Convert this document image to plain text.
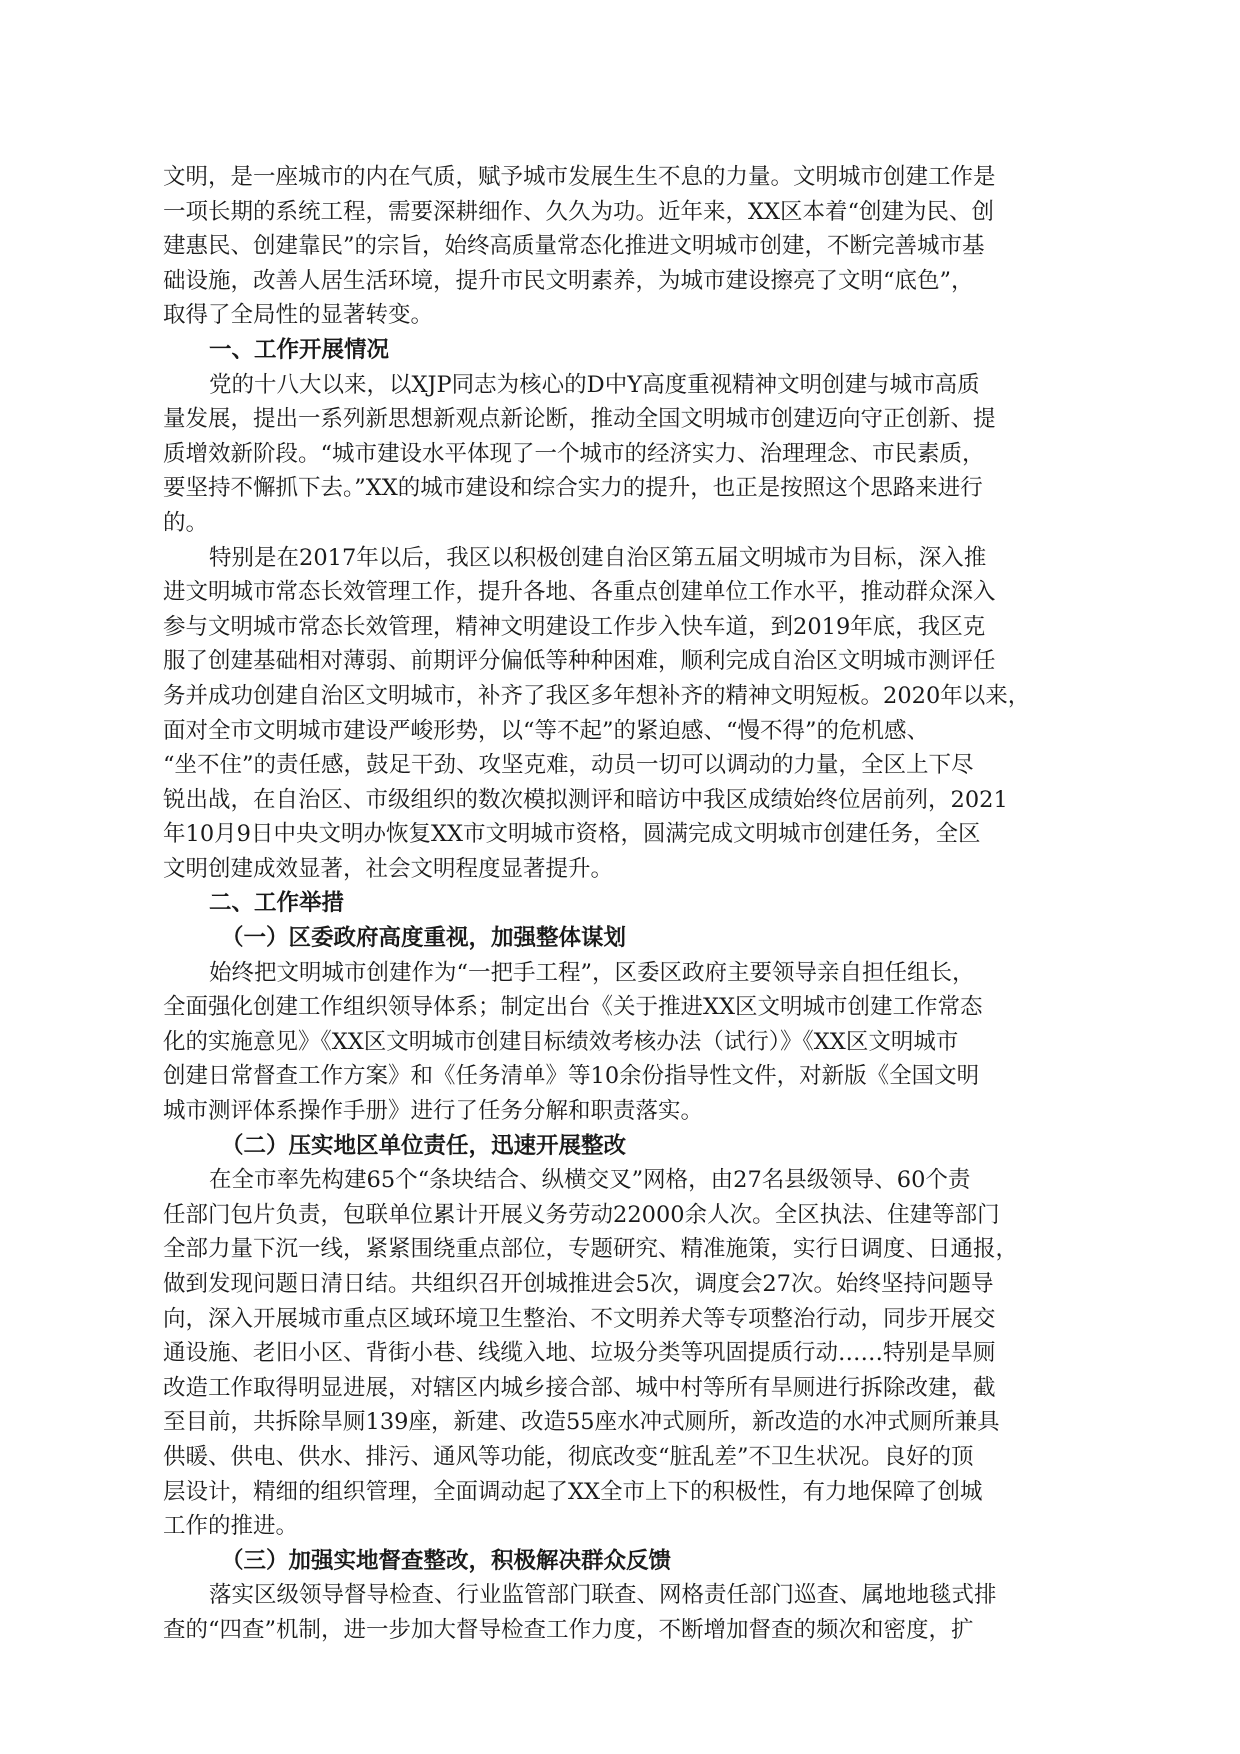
文明，是一座城市的内在气质，赋予城市发展生生不息的力量。文明城市创建工作是
一项长期的系统工程，需要深耕细作、久久为功。近年来，XX区本着“创建为民、创
建惠民、创建靠民”的宗旨，始终高质量常态化推进文明城市创建，不断完善城市基
础设施，改善人居生活环境，提升市民文明素养，为城市建设擦亮了文明“底色”，
取得了全局性的显著转变。
一、工作开展情况
党的十八大以来，以XJP同志为核心的D中Y高度重视精神文明创建与城市高质
量发展，提出一系列新思想新观点新论断，推动全国文明城市创建迈向守正创新、提
质增效新阶段。“城市建设水平体现了一个城市的经济实力、治理理念、市民素质，
要坚持不懈抓下去。”XX的城市建设和综合实力的提升，也正是按照这个思路来进行
的。
特别是在2017年以后，我区以积极创建自治区第五届文明城市为目标，深入推
进文明城市常态长效管理工作，提升各地、各重点创建单位工作水平，推动群众深入
参与文明城市常态长效管理，精神文明建设工作步入快车道，到2019年底，我区克
服了创建基础相对薄弱、前期评分偏低等种种困难，顺利完成自治区文明城市测评任
务并成功创建自治区文明城市，补齐了我区多年想补齐的精神文明短板。2020年以来，
面对全市文明城市建设严峻形势，以“等不起”的紧迫感、“慢不得”的危机感、
“坐不住”的责任感，鼓足干劲、攻坚克难，动员一切可以调动的力量，全区上下尽
锐出战，在自治区、市级组织的数次模拟测评和暗访中我区成绩始终位居前列，2021
年10月9日中央文明办恢复XX市文明城市资格，圆满完成文明城市创建任务，全区
文明创建成效显著，社会文明程度显著提升。
二、工作举措
（一）区委政府高度重视，加强整体谋划
始终把文明城市创建作为“一把手工程”，区委区政府主要领导亲自担任组长，
全面强化创建工作组织领导体系；制定出台《关于推进XX区文明城市创建工作常态
化的实施意见》《XX区文明城市创建目标绩效考核办法（试行）》《XX区文明城市
创建日常督查工作方案》和《任务清单》等10余份指导性文件，对新版《全国文明
城市测评体系操作手册》进行了任务分解和职责落实。
（二）压实地区单位责任，迅速开展整改
在全市率先构建65个“条块结合、纵横交叉”网格，由27名县级领导、60个责
任部门包片负责，包联单位累计开展义务劳动22000余人次。全区执法、住建等部门
全部力量下沉一线，紧紧围绕重点部位，专题研究、精准施策，实行日调度、日通报，
做到发现问题日清日结。共组织召开创城推进会5次，调度会27次。始终坚持问题导
向，深入开展城市重点区域环境卫生整治、不文明养犬等专项整治行动，同步开展交
通设施、老旧小区、背街小巷、线缆入地、垃圾分类等巩固提质行动……特别是旱厕
改造工作取得明显进展，对辖区内城乡接合部、城中村等所有旱厕进行拆除改建，截
至目前，共拆除旱厕139座，新建、改造55座水冲式厕所，新改造的水冲式厕所兼具
供暖、供电、供水、排污、通风等功能，彻底改变“脏乱差”不卫生状况。良好的顶
层设计，精细的组织管理，全面调动起了XX全市上下的积极性，有力地保障了创城
工作的推进。
（三）加强实地督查整改，积极解决群众反馈
落实区级领导督导检查、行业监管部门联查、网格责任部门巡查、属地地毯式排
查的“四查”机制，进一步加大督导检查工作力度，不断增加督查的频次和密度，扩
